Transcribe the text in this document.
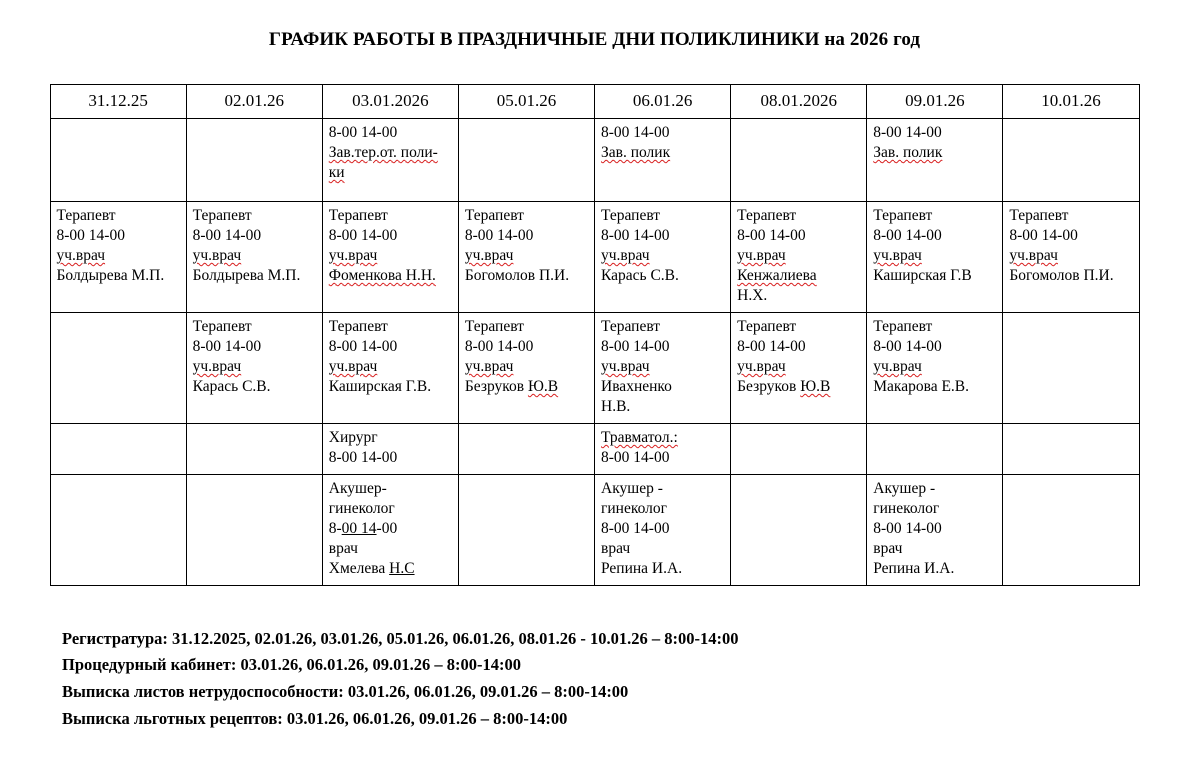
ГРАФИК РАБОТЫ В ПРАЗДНИЧНЫЕ ДНИ ПОЛИКЛИНИКИ на 2026 год
31.12.25	02.01.26	03.01.2026	05.01.26	06.01.26	08.01.2026	09.01.26	10.01.26

		8-00 14-00
Зав.тер.от. поли-
ки		8-00 14-00
Зав. полик		8-00 14-00
Зав. полик	

Терапевт
8-00 14-00
уч.врач
Болдырева М.П.	Терапевт
8-00 14-00
уч.врач
Болдырева М.П.	Терапевт
8-00 14-00
уч.врач
Фоменкова Н.Н.	Терапевт
8-00 14-00
уч.врач
Богомолов П.И.	Терапевт
8-00 14-00
уч.врач
Карась С.В.	Терапевт
8-00 14-00
уч.врач
Кенжалиева
Н.Х.	Терапевт
8-00 14-00
уч.врач
Каширская Г.В	Терапевт
8-00 14-00
уч.врач
Богомолов П.И.

	Терапевт
8-00 14-00
уч.врач
Карась С.В.	Терапевт
8-00 14-00
уч.врач
Каширская Г.В.	Терапевт
8-00 14-00
уч.врач
Безруков Ю.В	Терапевт
8-00 14-00
уч.врач
Ивахненко
Н.В.	Терапевт
8-00 14-00
уч.врач
Безруков Ю.В	Терапевт
8-00 14-00
уч.врач
Макарова Е.В.	

		Хирург
8-00 14-00		Травматол.:
8-00 14-00			

		Акушер-
гинеколог
8-00 14-00
врач
Хмелева Н.С		Акушер -
гинеколог
8-00 14-00
врач
Репина И.А.		Акушер -
гинеколог
8-00 14-00
врач
Репина И.А.	

Регистратура: 31.12.2025, 02.01.26, 03.01.26, 05.01.26, 06.01.26, 08.01.26 - 10.01.26 – 8:00-14:00
Процедурный кабинет: 03.01.26, 06.01.26, 09.01.26 – 8:00-14:00
Выписка листов нетрудоспособности: 03.01.26, 06.01.26, 09.01.26 – 8:00-14:00
Выписка льготных рецептов: 03.01.26, 06.01.26, 09.01.26 – 8:00-14:00
